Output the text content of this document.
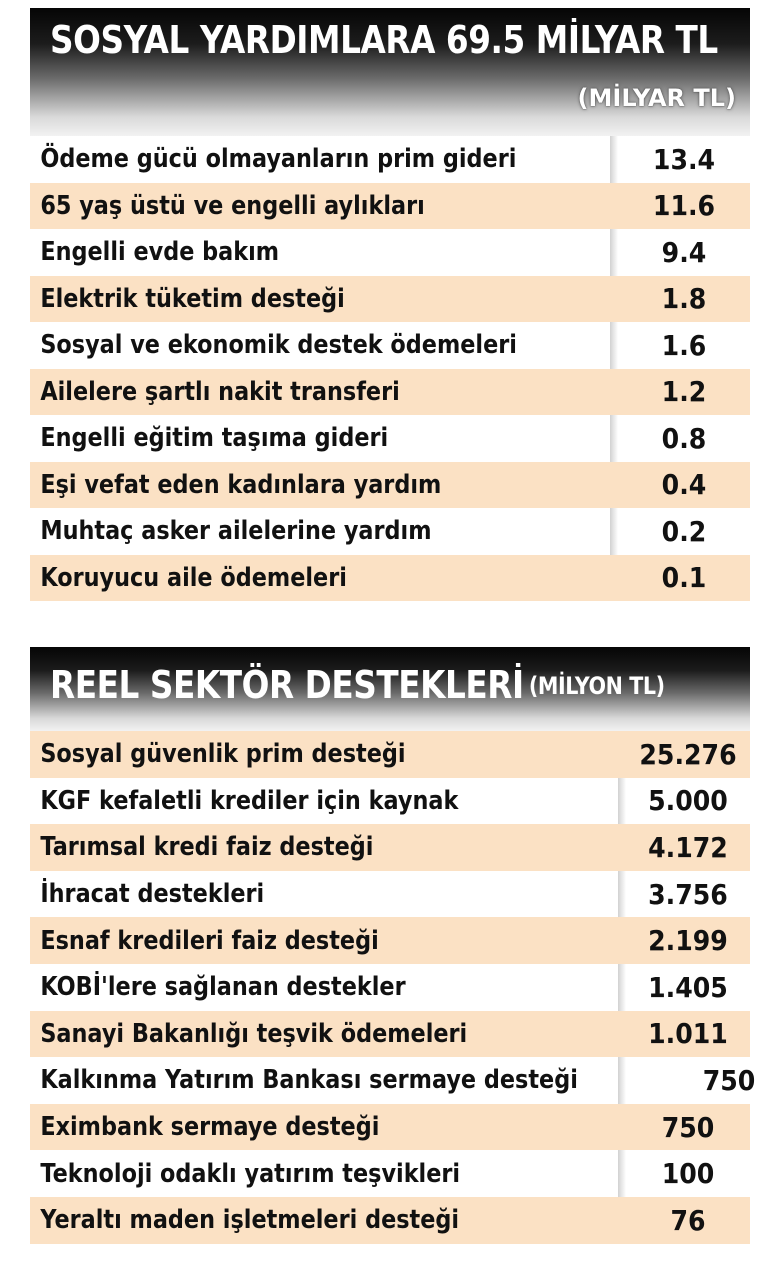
SOSYAL YARDIMLARA 69.5 MİLYAR TL
(MİLYAR TL)
Ödeme gücü olmayanların prim gideri	13.4
65 yaş üstü ve engelli aylıkları	11.6
Engelli evde bakım	9.4
Elektrik tüketim desteği	1.8
Sosyal ve ekonomik destek ödemeleri	1.6
Ailelere şartlı nakit transferi	1.2
Engelli eğitim taşıma gideri	0.8
Eşi vefat eden kadınlara yardım	0.4
Muhtaç asker ailelerine yardım	0.2
Koruyucu aile ödemeleri	0.1
REEL SEKTÖR DESTEKLERİ (MİLYON TL)
Sosyal güvenlik prim desteği	25.276
KGF kefaletli krediler için kaynak	5.000
Tarımsal kredi faiz desteği	4.172
İhracat destekleri	3.756
Esnaf kredileri faiz desteği	2.199
KOBİ'lere sağlanan destekler	1.405
Sanayi Bakanlığı teşvik ödemeleri	1.011
Kalkınma Yatırım Bankası sermaye desteği	750
Eximbank sermaye desteği	750
Teknoloji odaklı yatırım teşvikleri	100
Yeraltı maden işletmeleri desteği	76
